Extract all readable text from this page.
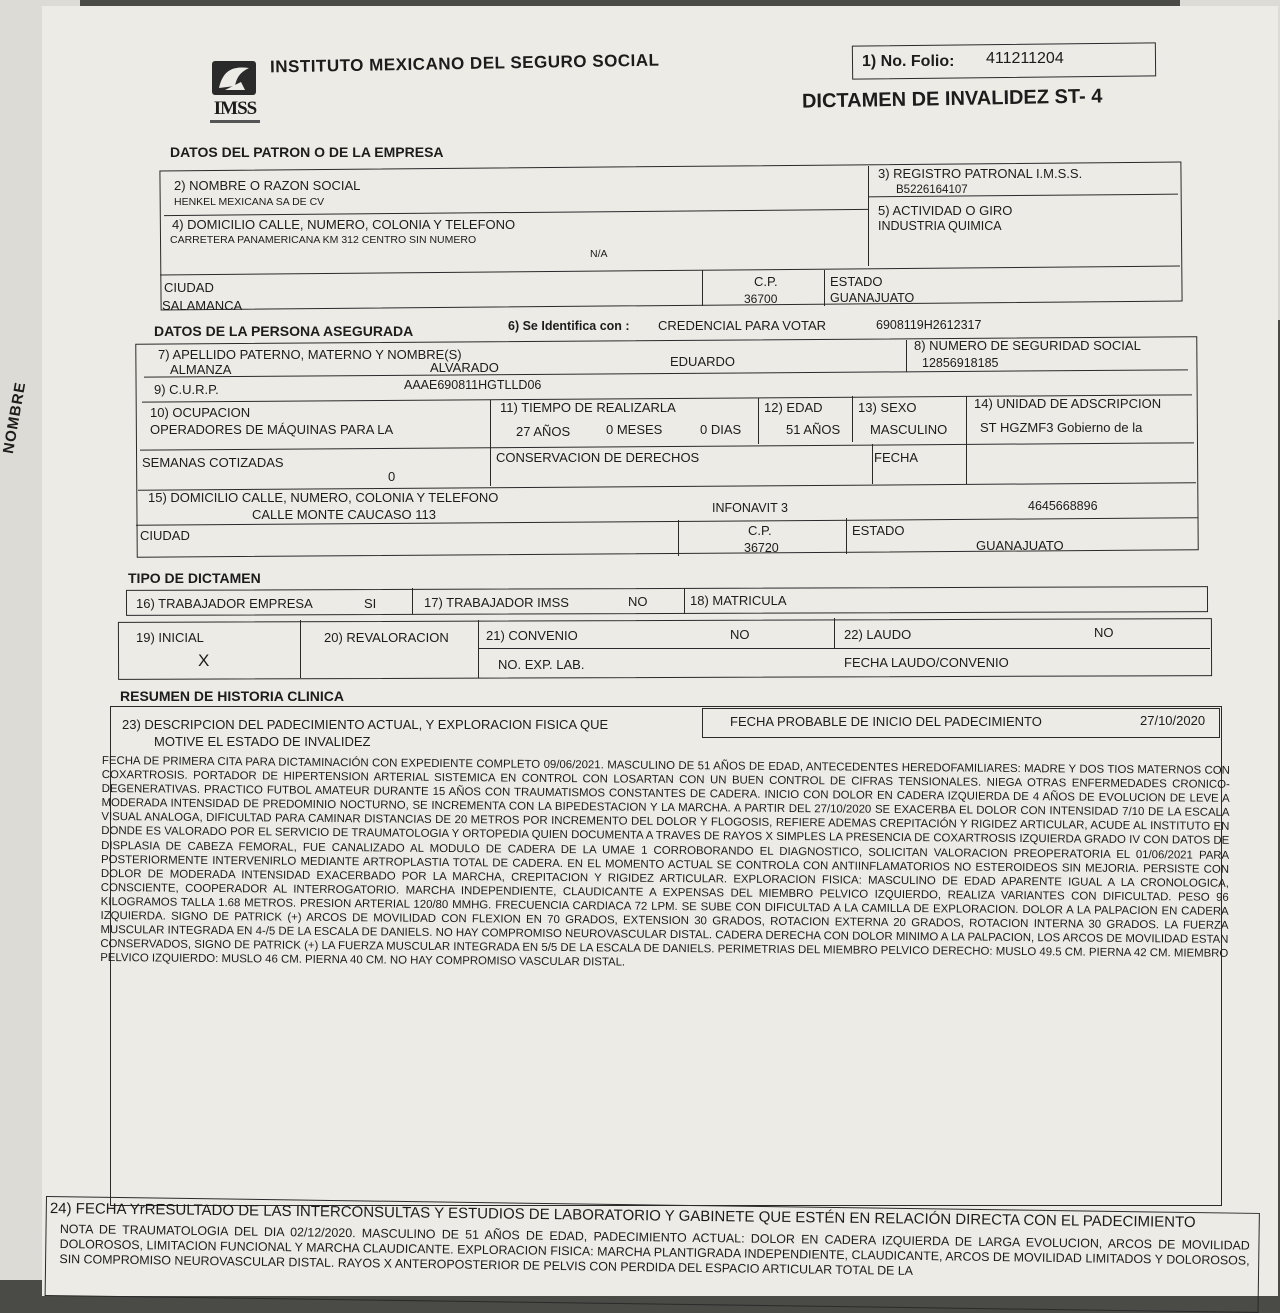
NOMBRE
IMSS
INSTITUTO MEXICANO DEL SEGURO SOCIAL	1) No. Folio: 411211204
DICTAMEN DE INVALIDEZ ST- 4
DATOS DEL PATRON O DE LA EMPRESA
2) NOMBRE O RAZON SOCIAL
HENKEL MEXICANA SA DE CV
3) REGISTRO PATRONAL I.M.S.S.
B5226164107
4) DOMICILIO CALLE, NUMERO, COLONIA Y TELEFONO
CARRETERA PANAMERICANA KM 312 CENTRO SIN NUMERO
N/A
5) ACTIVIDAD O GIRO
INDUSTRIA QUIMICA
CIUDAD
SALAMANCA
C.P.
36700
ESTADO
GUANAJUATO
DATOS DE LA PERSONA ASEGURADA	6) Se Identifica con : CREDENCIAL PARA VOTAR	6908119H2612317
7) APELLIDO PATERNO, MATERNO Y NOMBRE(S)
ALMANZA	ALVARADO	EDUARDO
8) NUMERO DE SEGURIDAD SOCIAL
12856918185
9) C.U.R.P.	AAAE690811HGTLLD06
10) OCUPACION
OPERADORES DE MÁQUINAS PARA LA
11) TIEMPO DE REALIZARLA
27 AÑOS	0 MESES	0 DIAS
12) EDAD
51 AÑOS
13) SEXO
MASCULINO
14) UNIDAD DE ADSCRIPCION
ST HGZMF3 Gobierno de la
SEMANAS COTIZADAS
0
CONSERVACION DE DERECHOS	FECHA
15) DOMICILIO CALLE, NUMERO, COLONIA Y TELEFONO
CALLE MONTE CAUCASO 113	INFONAVIT 3	4645668896
CIUDAD	C.P.
36720
ESTADO
GUANAJUATO
TIPO DE DICTAMEN
16) TRABAJADOR EMPRESA	SI	17) TRABAJADOR IMSS	NO	18) MATRICULA
19) INICIAL
X
20) REVALORACION	21) CONVENIO	NO	22) LAUDO	NO
NO. EXP. LAB.	FECHA LAUDO/CONVENIO
RESUMEN DE HISTORIA CLINICA
23) DESCRIPCION DEL PADECIMIENTO ACTUAL, Y EXPLORACION FISICA QUE
MOTIVE EL ESTADO DE INVALIDEZ
FECHA PROBABLE DE INICIO DEL PADECIMIENTO	27/10/2020
FECHA DE PRIMERA CITA PARA DICTAMINACIÓN CON EXPEDIENTE COMPLETO 09/06/2021. MASCULINO DE 51 AÑOS DE EDAD, ANTECEDENTES HEREDOFAMILIARES: MADRE Y DOS TIOS MATERNOS CON COXARTROSIS. PORTADOR DE HIPERTENSION ARTERIAL SISTEMICA EN CONTROL CON LOSARTAN CON UN BUEN CONTROL DE CIFRAS TENSIONALES. NIEGA OTRAS ENFERMEDADES CRONICO-DEGENERATIVAS. PRACTICO FUTBOL AMATEUR DURANTE 15 AÑOS CON TRAUMATISMOS CONSTANTES DE CADERA. INICIO CON DOLOR EN CADERA IZQUIERDA DE 4 AÑOS DE EVOLUCION DE LEVE A MODERADA INTENSIDAD DE PREDOMINIO NOCTURNO, SE INCREMENTA CON LA BIPEDESTACION Y LA MARCHA. A PARTIR DEL 27/10/2020 SE EXACERBA EL DOLOR CON INTENSIDAD 7/10 DE LA ESCALA VISUAL ANALOGA, DIFICULTAD PARA CAMINAR DISTANCIAS DE 20 METROS POR INCREMENTO DEL DOLOR Y FLOGOSIS, REFIERE ADEMAS CREPITACIÓN Y RIGIDEZ ARTICULAR, ACUDE AL INSTITUTO EN DONDE ES VALORADO POR EL SERVICIO DE TRAUMATOLOGIA Y ORTOPEDIA QUIEN DOCUMENTA A TRAVES DE RAYOS X SIMPLES LA PRESENCIA DE COXARTROSIS IZQUIERDA GRADO IV CON DATOS DE DISPLASIA DE CABEZA FEMORAL, FUE CANALIZADO AL MODULO DE CADERA DE LA UMAE 1 CORROBORANDO EL DIAGNOSTICO, SOLICITAN VALORACION PREOPERATORIA EL 01/06/2021 PARA POSTERIORMENTE INTERVENIRLO MEDIANTE ARTROPLASTIA TOTAL DE CADERA. EN EL MOMENTO ACTUAL SE CONTROLA CON ANTIINFLAMATORIOS NO ESTEROIDEOS SIN MEJORIA. PERSISTE CON DOLOR DE MODERADA INTENSIDAD EXACERBADO POR LA MARCHA, CREPITACION Y RIGIDEZ ARTICULAR. EXPLORACION FISICA: MASCULINO DE EDAD APARENTE IGUAL A LA CRONOLOGICA, CONSCIENTE, COOPERADOR AL INTERROGATORIO. MARCHA INDEPENDIENTE, CLAUDICANTE A EXPENSAS DEL MIEMBRO PELVICO IZQUIERDO, REALIZA VARIANTES CON DIFICULTAD. PESO 96 KILOGRAMOS TALLA 1.68 METROS. PRESION ARTERIAL 120/80 MMHG. FRECUENCIA CARDIACA 72 LPM. SE SUBE CON DIFICULTAD A LA CAMILLA DE EXPLORACION. DOLOR A LA PALPACION EN CADERA IZQUIERDA. SIGNO DE PATRICK (+) ARCOS DE MOVILIDAD CON FLEXION EN 70 GRADOS, EXTENSION 30 GRADOS, ROTACION EXTERNA 20 GRADOS, ROTACION INTERNA 30 GRADOS. LA FUERZA MUSCULAR INTEGRADA EN 4-/5 DE LA ESCALA DE DANIELS. NO HAY COMPROMISO NEUROVASCULAR DISTAL. CADERA DERECHA CON DOLOR MINIMO A LA PALPACION, LOS ARCOS DE MOVILIDAD ESTAN CONSERVADOS, SIGNO DE PATRICK (+) LA FUERZA MUSCULAR INTEGRADA EN 5/5 DE LA ESCALA DE DANIELS. PERIMETRIAS DEL MIEMBRO PELVICO DERECHO: MUSLO 49.5 CM. PIERNA 42 CM. MIEMBRO PELVICO IZQUIERDO: MUSLO 46 CM. PIERNA 40 CM. NO HAY COMPROMISO VASCULAR DISTAL.
24) FECHA YrRESULTADO DE LAS INTERCONSULTAS Y ESTUDIOS DE LABORATORIO Y GABINETE QUE ESTÉN EN RELACIÓN DIRECTA CON EL PADECIMIENTO
NOTA DE TRAUMATOLOGIA DEL DIA 02/12/2020. MASCULINO DE 51 AÑOS DE EDAD, PADECIMIENTO ACTUAL: DOLOR EN CADERA IZQUIERDA DE LARGA EVOLUCION, ARCOS DE MOVILIDAD DOLOROSOS, LIMITACION FUNCIONAL Y MARCHA CLAUDICANTE. EXPLORACION FISICA: MARCHA PLANTIGRADA INDEPENDIENTE, CLAUDICANTE, ARCOS DE MOVILIDAD LIMITADOS Y DOLOROSOS, SIN COMPROMISO NEUROVASCULAR DISTAL. RAYOS X ANTEROPOSTERIOR DE PELVIS CON PERDIDA DEL ESPACIO ARTICULAR TOTAL DE LA
